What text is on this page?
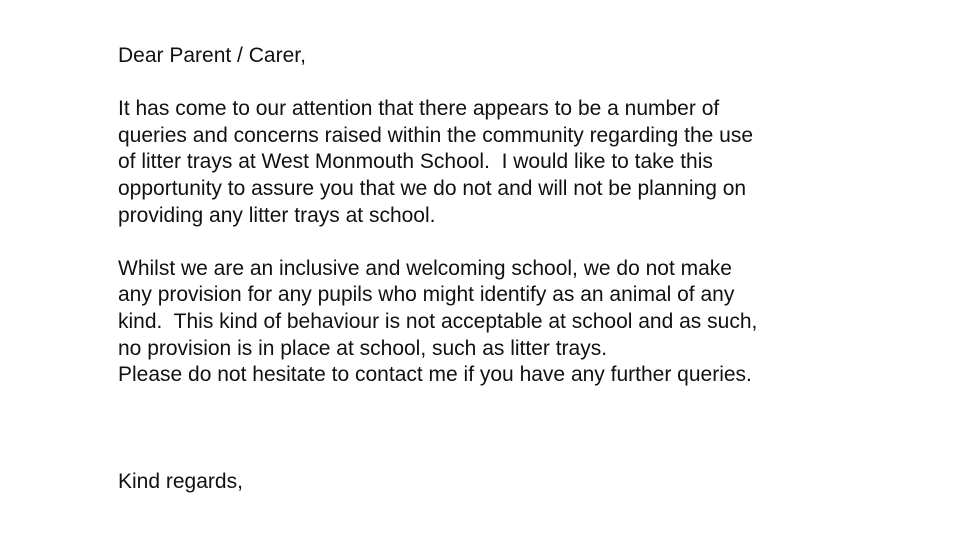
Dear Parent / Carer,

It has come to our attention that there appears to be a number of
queries and concerns raised within the community regarding the use
of litter trays at West Monmouth School.  I would like to take this
opportunity to assure you that we do not and will not be planning on
providing any litter trays at school.
Whilst we are an inclusive and welcoming school, we do not make
any provision for any pupils who might identify as an animal of any
kind.  This kind of behaviour is not acceptable at school and as such,
no provision is in place at school, such as litter trays.
Please do not hesitate to contact me if you have any further queries.

Kind regards,
